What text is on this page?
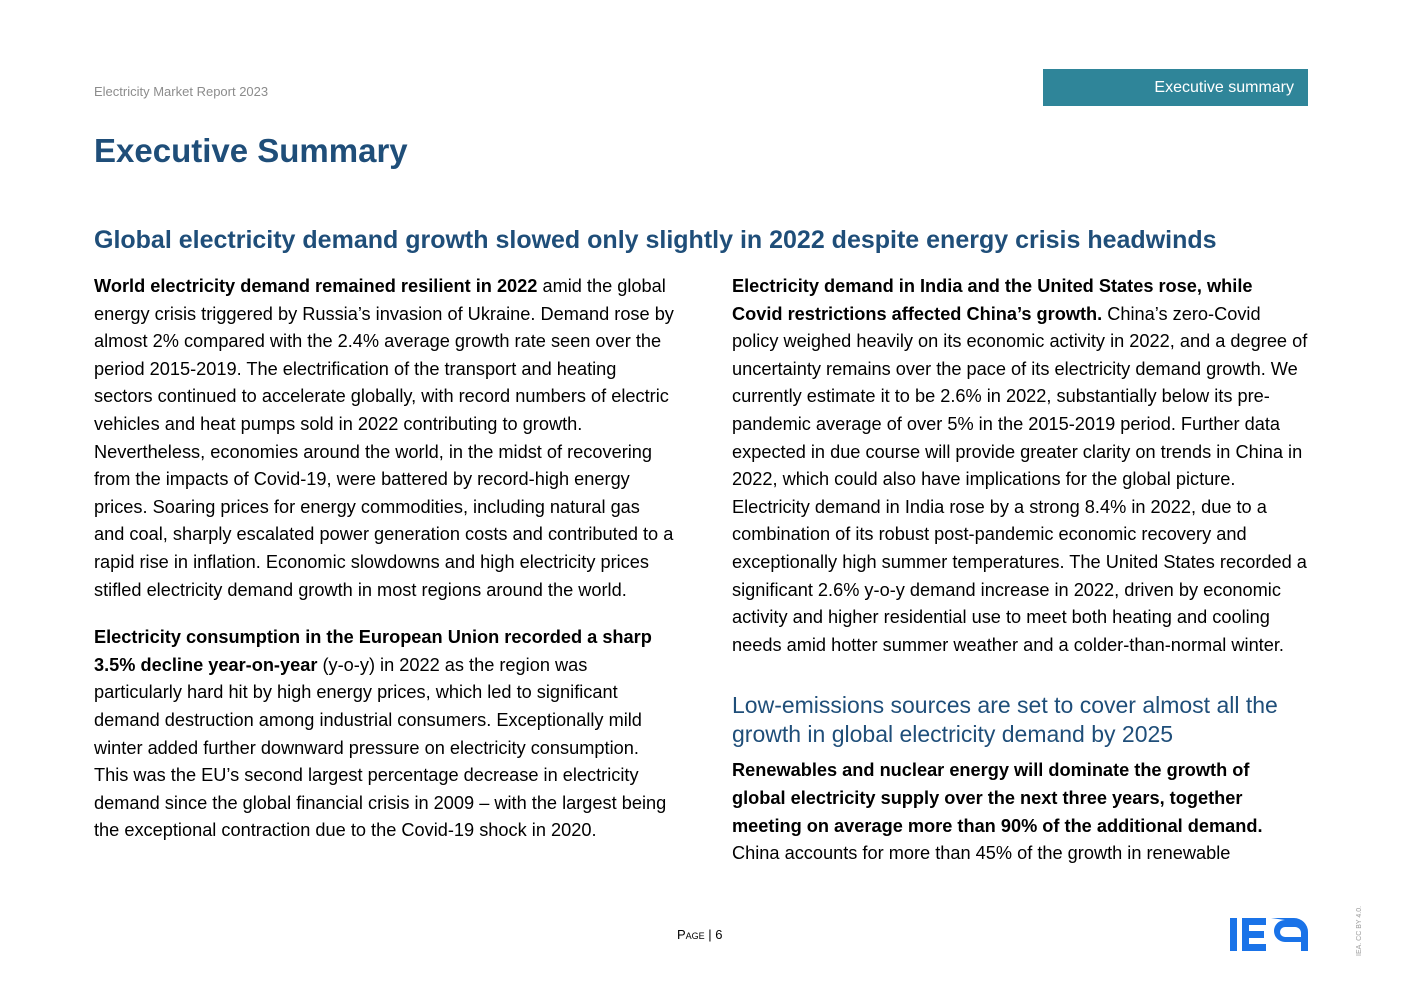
Electricity Market Report 2023	Executive summary
Executive Summary
Global electricity demand growth slowed only slightly in 2022 despite energy crisis headwinds

World electricity demand remained resilient in 2022 amid the global energy crisis triggered by Russia’s invasion of Ukraine. Demand rose by almost 2% compared with the 2.4% average growth rate seen over the period 2015-2019. The electrification of the transport and heating sectors continued to accelerate globally, with record numbers of electric vehicles and heat pumps sold in 2022 contributing to growth. Nevertheless, economies around the world, in the midst of recovering from the impacts of Covid-19, were battered by record-high energy prices. Soaring prices for energy commodities, including natural gas and coal, sharply escalated power generation costs and contributed to a rapid rise in inflation. Economic slowdowns and high electricity prices stifled electricity demand growth in most regions around the world.

Electricity consumption in the European Union recorded a sharp 3.5% decline year-on-year (y-o-y) in 2022 as the region was particularly hard hit by high energy prices, which led to significant demand destruction among industrial consumers. Exceptionally mild winter added further downward pressure on electricity consumption. This was the EU’s second largest percentage decrease in electricity demand since the global financial crisis in 2009 – with the largest being the exceptional contraction due to the Covid-19 shock in 2020.

Electricity demand in India and the United States rose, while Covid restrictions affected China’s growth. China’s zero-Covid policy weighed heavily on its economic activity in 2022, and a degree of uncertainty remains over the pace of its electricity demand growth. We currently estimate it to be 2.6% in 2022, substantially below its pre-pandemic average of over 5% in the 2015-2019 period. Further data expected in due course will provide greater clarity on trends in China in 2022, which could also have implications for the global picture. Electricity demand in India rose by a strong 8.4% in 2022, due to a combination of its robust post-pandemic economic recovery and exceptionally high summer temperatures. The United States recorded a significant 2.6% y-o-y demand increase in 2022, driven by economic activity and higher residential use to meet both heating and cooling needs amid hotter summer weather and a colder-than-normal winter.

Low-emissions sources are set to cover almost all the growth in global electricity demand by 2025

Renewables and nuclear energy will dominate the growth of global electricity supply over the next three years, together meeting on average more than 90% of the additional demand. China accounts for more than 45% of the growth in renewable

Page | 6	IEA. CC BY 4.0.
